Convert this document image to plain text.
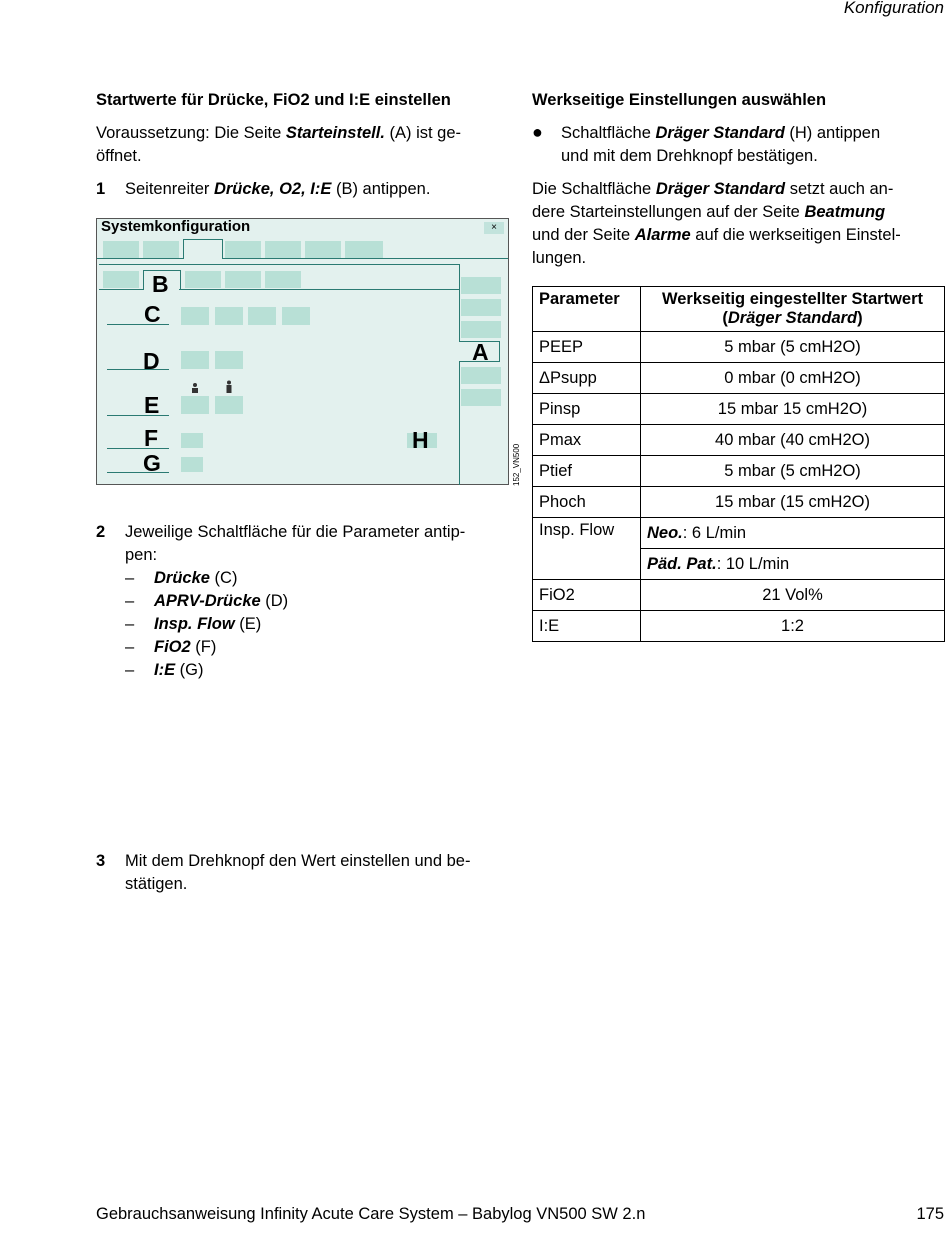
Konfiguration
Startwerte für Drücke, FiO2 und I:E einstellen
Voraussetzung: Die Seite Starteinstell. (A) ist ge-
öffnet.
1 Seitenreiter Drücke, O2, I:E (B) antippen.
Systemkonfiguration	×
B
C
D
E
F
G
H
A
152_VN500
2 Jeweilige Schaltfläche für die Parameter antip-
pen:
– Drücke (C)
– APRV-Drücke (D)
– Insp. Flow (E)
– FiO2 (F)
– I:E (G)
3 Mit dem Drehknopf den Wert einstellen und be-
stätigen.
Werkseitige Einstellungen auswählen
● Schaltfläche Dräger Standard (H) antippen
und mit dem Drehknopf bestätigen.
Die Schaltfläche Dräger Standard setzt auch an-
dere Starteinstellungen auf der Seite Beatmung
und der Seite Alarme auf die werkseitigen Einstel-
lungen.
Parameter	Werkseitig eingestellter Startwert
(Dräger Standard)
PEEP	5 mbar (5 cmH2O)
ΔPsupp	0 mbar (0 cmH2O)
Pinsp	15 mbar 15 cmH2O)
Pmax	40 mbar (40 cmH2O)
Ptief	5 mbar (5 cmH2O)
Phoch	15 mbar (15 cmH2O)
Insp. Flow	Neo.: 6 L/min
	Päd. Pat.: 10 L/min
FiO2	21 Vol%
I:E	1:2
Gebrauchsanweisung Infinity Acute Care System – Babylog VN500 SW 2.n	175
